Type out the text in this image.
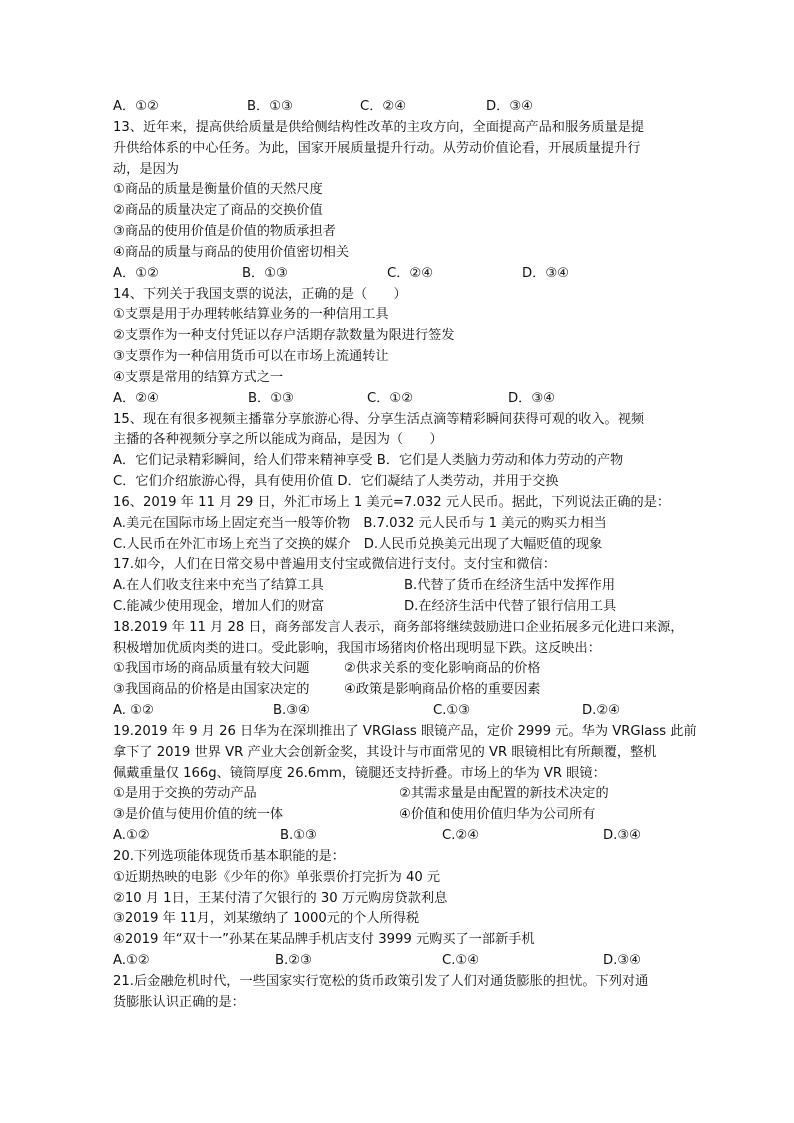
A．①②	B．①③	C．②④	D．③④
13、近年来，提高供给质量是供给侧结构性改革的主攻方向，全面提高产品和服务质量是提
升供给体系的中心任务。为此，国家开展质量提升行动。从劳动价值论看，开展质量提升行
动，是因为
①商品的质量是衡量价值的天然尺度
②商品的质量决定了商品的交换价值
③商品的使用价值是价值的物质承担者
④商品的质量与商品的使用价值密切相关
A．①②	B．①③	C．②④	D．③④
14、下列关于我国支票的说法，正确的是（　　）
①支票是用于办理转帐结算业务的一种信用工具
②支票作为一种支付凭证以存户活期存款数量为限进行签发
③支票作为一种信用货币可以在市场上流通转让
④支票是常用的结算方式之一
A．②④	B．①③	C．①②	D．③④
15、现在有很多视频主播靠分享旅游心得、分享生活点滴等精彩瞬间获得可观的收入。视频
主播的各种视频分享之所以能成为商品，是因为（　　）
A．它们记录精彩瞬间，给人们带来精神享受 B．它们是人类脑力劳动和体力劳动的产物
C．它们介绍旅游心得，具有使用价值 D．它们凝结了人类劳动，并用于交换
16、2019 年 11 月 29 日，外汇市场上 1 美元=7.032 元人民币。据此，下列说法正确的是：
A.美元在国际市场上固定充当一般等价物　B.7.032 元人民币与 1 美元的购买力相当
C.人民币在外汇市场上充当了交换的媒介　D.人民币兑换美元出现了大幅贬值的现象
17.如今，人们在日常交易中普遍用支付宝或微信进行支付。支付宝和微信：
A.在人们收支往来中充当了结算工具	B.代替了货币在经济生活中发挥作用
C.能减少使用现金，增加人们的财富	D.在经济生活中代替了银行信用工具
18.2019 年 11 月 28 日，商务部发言人表示，商务部将继续鼓励进口企业拓展多元化进口来源，
积极增加优质肉类的进口。受此影响，我国市场猪肉价格出现明显下跌。这反映出：
①我国市场的商品质量有较大问题	②供求关系的变化影响商品的价格
③我国商品的价格是由国家决定的	④政策是影响商品价格的重要因素
A. ①②	B.③④	C.①③	D.②④
19.2019 年 9 月 26 日华为在深圳推出了 VRGlass 眼镜产品，定价 2999 元。华为 VRGlass 此前
拿下了 2019 世界 VR 产业大会创新金奖，其设计与市面常见的 VR 眼镜相比有所颠覆，整机
佩戴重量仅 166g、镜筒厚度 26.6mm，镜腿还支持折叠。市场上的华为 VR 眼镜：
①是用于交换的劳动产品	②其需求量是由配置的新技术决定的
③是价值与使用价值的统一体	④价值和使用价值归华为公司所有
A.①②	B.①③	C.②④	D.③④
20.下列选项能体现货币基本职能的是：
①近期热映的电影《少年的你》单张票价打完折为 40 元
②10 月 1日，王某付清了欠银行的 30 万元购房贷款利息
③2019 年 11月，刘某缴纳了 1000元的个人所得税
④2019 年“双十一”孙某在某品牌手机店支付 3999 元购买了一部新手机
A.①②	B.②③	C.①④	D.③④
21.后金融危机时代，一些国家实行宽松的货币政策引发了人们对通货膨胀的担忧。下列对通
货膨胀认识正确的是：
